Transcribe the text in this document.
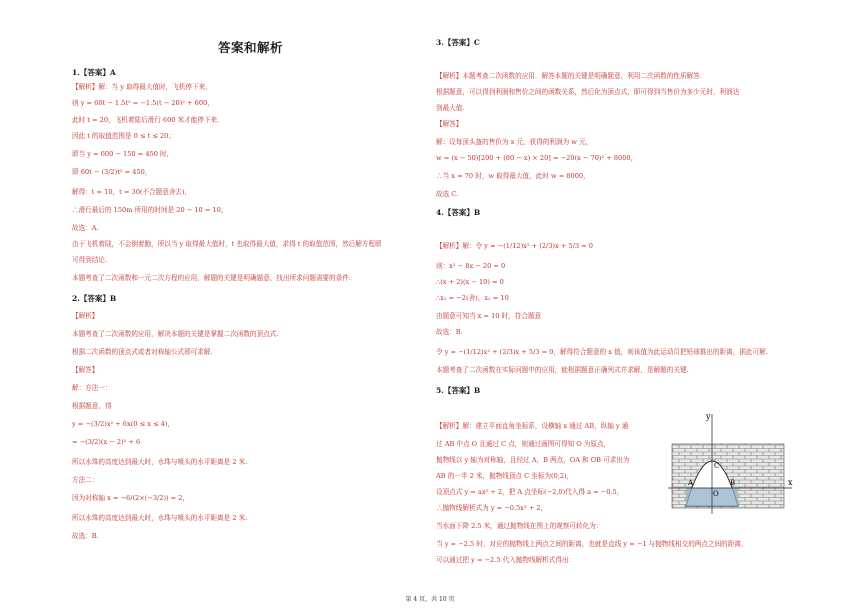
答案和解析
1.【答案】A
【解析】解：当 y 取得最大值时，飞机停下来，
则 y = 60t − 1.5t² = −1.5(t − 20)² + 600，
此时 t = 20，飞机着陆后滑行 600 米才能停下来.
因此 t 的取值范围是 0 ≤ t ≤ 20；
即当 y = 600 − 150 = 450 时，
即 60t − (3/2)t² = 450，
解得：t = 10，t = 30(不合题意舍去)，
∴滑行最后的 150m 所用的时间是 20 − 10 = 10，
故选：A.
由于飞机着陆，不会倒着跑，所以当 y 取得最大值时，t 也取得最大值，求得 t 的取值范围，然后解方程即
可得到结论.
本题考查了二次函数和一元二次方程的应用，解题的关键是明确题意，找出所求问题需要的条件.
2.【答案】B
【解析】
本题考查了二次函数的应用，解决本题的关键是掌握二次函数的顶点式.
根据二次函数的顶点式或者对称轴公式即可求解.
【解答】
解：方法一：
根据题意，得
y = −(3/2)x² + 6x(0 ≤ x ≤ 4)，
= −(3/2)(x − 2)² + 6
所以水珠的高度达到最大时，水珠与喷头的水平距离是 2 米.
方法二：
因为对称轴 x = −6/(2×(−3/2)) = 2，
所以水珠的高度达到最大时，水珠与喷头的水平距离是 2 米.
故选：B.
3.【答案】C
【解析】本题考查二次函数的应用．解答本题的关键是明确题意，利用二次函数的性质解答.
根据题意，可以得到利润和售价之间的函数关系，然后化为顶点式，即可得到当售价为多少元时，利润达
到最大值.
【解答】
解：设每顶头盔的售价为 x 元，获得的利润为 w 元，
w = (x − 50)[200 + (80 − x) × 20] = −20(x − 70)² + 8000，
∴当 x = 70 时，w 取得最大值，此时 w = 8000，
故选 C.
4.【答案】B
【解析】解：令 y = −(1/12)x² + (2/3)x + 5/3 = 0
则：x² − 8x − 20 = 0
∴(x + 2)(x − 10) = 0
∴x₁ = −2(舍)，x₂ = 10
由题意可知当 x = 10 时，符合题意
故选：B.
令 y = −(1/12)x² + (2/3)x + 5/3 = 0，解得符合题意的 x 值，则该值为此运动员把铅球推出的距离，据此可解.
本题考查了二次函数在实际问题中的应用，能根据题意正确列式并求解，是解题的关键.
5.【答案】B
【解析】解：建立平面直角坐标系，设横轴 x 通过 AB，纵轴 y 通
过 AB 中点 O 且通过 C 点，则通过画图可得知 O 为原点，
抛物线以 y 轴为对称轴，且经过 A，B 两点，OA 和 OB 可求出为
AB 的一半 2 米，抛物线顶点 C 坐标为(0,2)，
设顶点式 y = ax² + 2，把 A 点坐标(−2,0)代入得 a = −0.5，
∴抛物线解析式为 y = −0.5x² + 2，
当水面下降 2.5 米，通过抛物线在图上的观察可转化为：
当 y = −2.5 时，对应的抛物线上两点之间的距离，也就是直线 y = −1 与抛物线相交的两点之间的距离，
可以通过把 y = −2.5 代入抛物线解析式得出：
y
x
C
A
O
B
第 4 页，共 10 页
